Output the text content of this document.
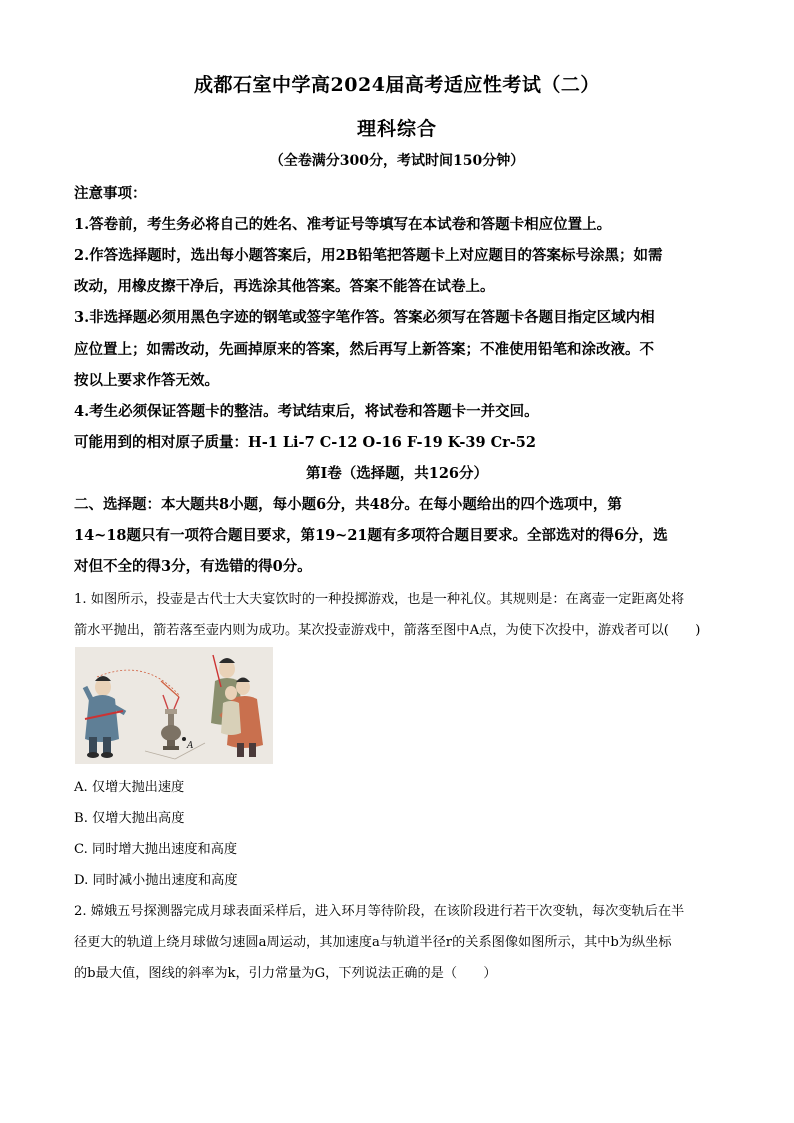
成都石室中学高2024届高考适应性考试（二）
理科综合
（全卷满分300分，考试时间150分钟）
注意事项：
1.答卷前，考生务必将自己的姓名、准考证号等填写在本试卷和答题卡相应位置上。
2.作答选择题时，选出每小题答案后，用2B铅笔把答题卡上对应题目的答案标号涂黑；如需
改动，用橡皮擦干净后，再选涂其他答案。答案不能答在试卷上。
3.非选择题必须用黑色字迹的钢笔或签字笔作答。答案必须写在答题卡各题目指定区域内相
应位置上；如需改动，先画掉原来的答案，然后再写上新答案；不准使用铅笔和涂改液。不
按以上要求作答无效。
4.考生必须保证答题卡的整洁。考试结束后，将试卷和答题卡一并交回。
可能用到的相对原子质量：H-1 Li-7 C-12 O-16 F-19 K-39 Cr-52
第Ⅰ卷（选择题，共126分）
二、选择题：本大题共8小题，每小题6分，共48分。在每小题给出的四个选项中，第
14~18题只有一项符合题目要求，第19~21题有多项符合题目要求。全部选对的得6分，选
对但不全的得3分，有选错的得0分。
1. 如图所示，投壶是古代士大夫宴饮时的一种投掷游戏，也是一种礼仪。其规则是：在离壶一定距离处将
箭水平抛出，箭若落至壶内则为成功。某次投壶游戏中，箭落至图中A点，为使下次投中，游戏者可以(　　)
A
A. 仅增大抛出速度
B. 仅增大抛出高度
C. 同时增大抛出速度和高度
D. 同时减小抛出速度和高度
2. 嫦娥五号探测器完成月球表面采样后，进入环月等待阶段，在该阶段进行若干次变轨，每次变轨后在半
径更大的轨道上绕月球做匀速圆a周运动，其加速度a与轨道半径r的关系图像如图所示，其中b为纵坐标
的b最大值，图线的斜率为k，引力常量为G，下列说法正确的是（　　）
